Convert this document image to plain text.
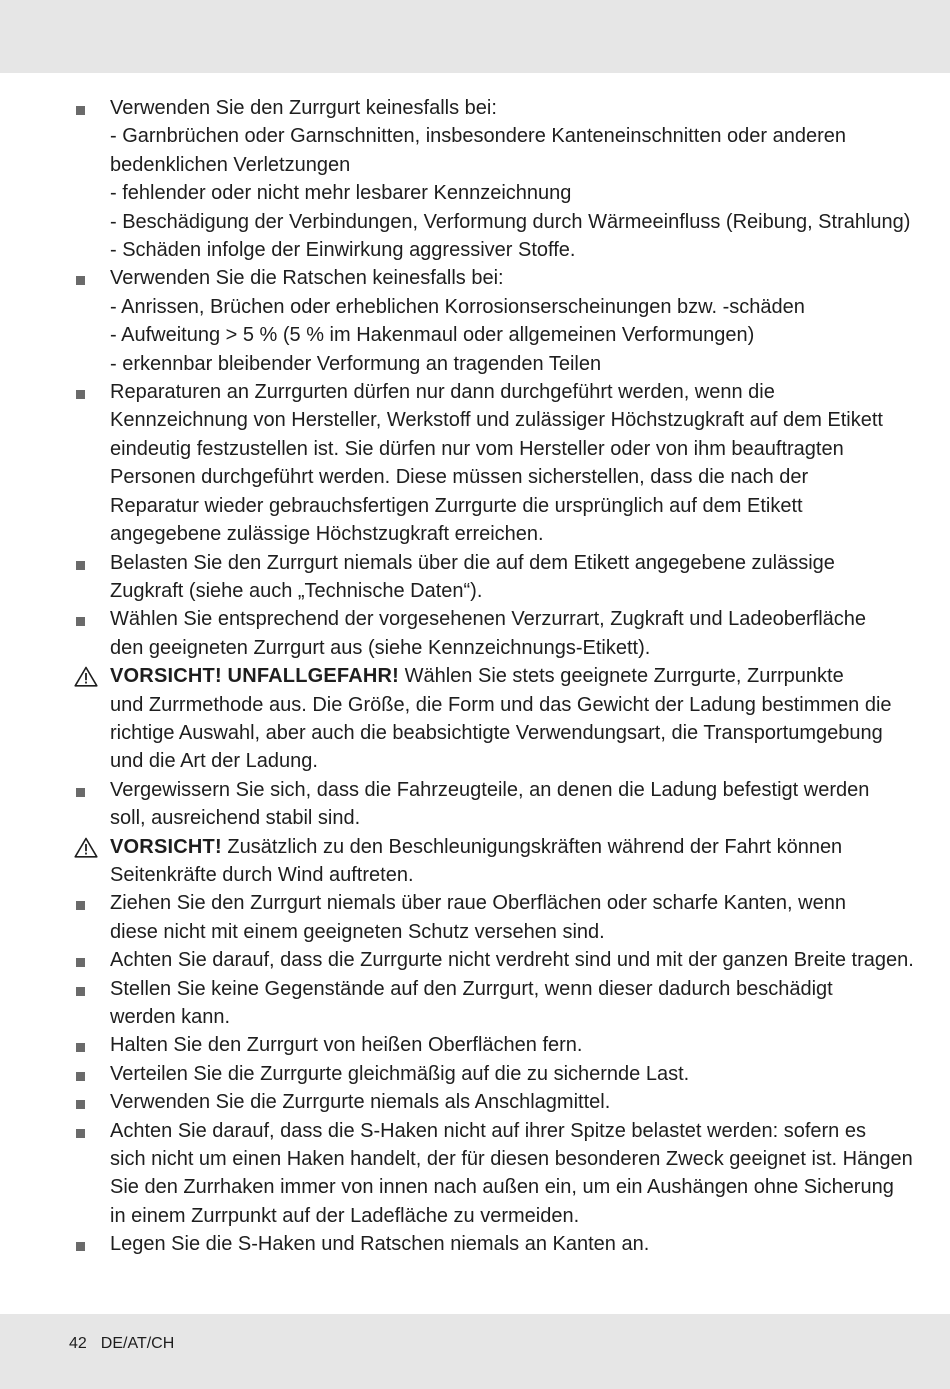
Verwenden Sie den Zurrgurt keinesfalls bei:
- Garnbrüchen oder Garnschnitten, insbesondere Kanteneinschnitten oder anderen
bedenklichen Verletzungen
- fehlender oder nicht mehr lesbarer Kennzeichnung
- Beschädigung der Verbindungen, Verformung durch Wärmeeinfluss (Reibung, Strahlung)
- Schäden infolge der Einwirkung aggressiver Stoffe.
Verwenden Sie die Ratschen keinesfalls bei:
- Anrissen, Brüchen oder erheblichen Korrosionserscheinungen bzw. -schäden
- Aufweitung > 5 % (5 % im Hakenmaul oder allgemeinen Verformungen)
- erkennbar bleibender Verformung an tragenden Teilen
Reparaturen an Zurrgurten dürfen nur dann durchgeführt werden, wenn die
Kennzeichnung von Hersteller, Werkstoff und zulässiger Höchstzugkraft auf dem Etikett
eindeutig festzustellen ist. Sie dürfen nur vom Hersteller oder von ihm beauftragten
Personen durchgeführt werden. Diese müssen sicherstellen, dass die nach der
Reparatur wieder gebrauchsfertigen Zurrgurte die ursprünglich auf dem Etikett
angegebene zulässige Höchstzugkraft erreichen.
Belasten Sie den Zurrgurt niemals über die auf dem Etikett angegebene zulässige
Zugkraft (siehe auch „Technische Daten“).
Wählen Sie entsprechend der vorgesehenen Verzurrart, Zugkraft und Ladeoberfläche
den geeigneten Zurrgurt aus (siehe Kennzeichnungs-Etikett).
VORSICHT! UNFALLGEFAHR! Wählen Sie stets geeignete Zurrgurte, Zurrpunkte
und Zurrmethode aus. Die Größe, die Form und das Gewicht der Ladung bestimmen die
richtige Auswahl, aber auch die beabsichtigte Verwendungsart, die Transportumgebung
und die Art der Ladung.
Vergewissern Sie sich, dass die Fahrzeugteile, an denen die Ladung befestigt werden
soll, ausreichend stabil sind.
VORSICHT! Zusätzlich zu den Beschleunigungskräften während der Fahrt können
Seitenkräfte durch Wind auftreten.
Ziehen Sie den Zurrgurt niemals über raue Oberflächen oder scharfe Kanten, wenn
diese nicht mit einem geeigneten Schutz versehen sind.
Achten Sie darauf, dass die Zurrgurte nicht verdreht sind und mit der ganzen Breite tragen.
Stellen Sie keine Gegenstände auf den Zurrgurt, wenn dieser dadurch beschädigt
werden kann.
Halten Sie den Zurrgurt von heißen Oberflächen fern.
Verteilen Sie die Zurrgurte gleichmäßig auf die zu sichernde Last.
Verwenden Sie die Zurrgurte niemals als Anschlagmittel.
Achten Sie darauf, dass die S-Haken nicht auf ihrer Spitze belastet werden: sofern es
sich nicht um einen Haken handelt, der für diesen besonderen Zweck geeignet ist. Hängen
Sie den Zurrhaken immer von innen nach außen ein, um ein Aushängen ohne Sicherung
in einem Zurrpunkt auf der Ladefläche zu vermeiden.
Legen Sie die S-Haken und Ratschen niemals an Kanten an.
42 DE/AT/CH
